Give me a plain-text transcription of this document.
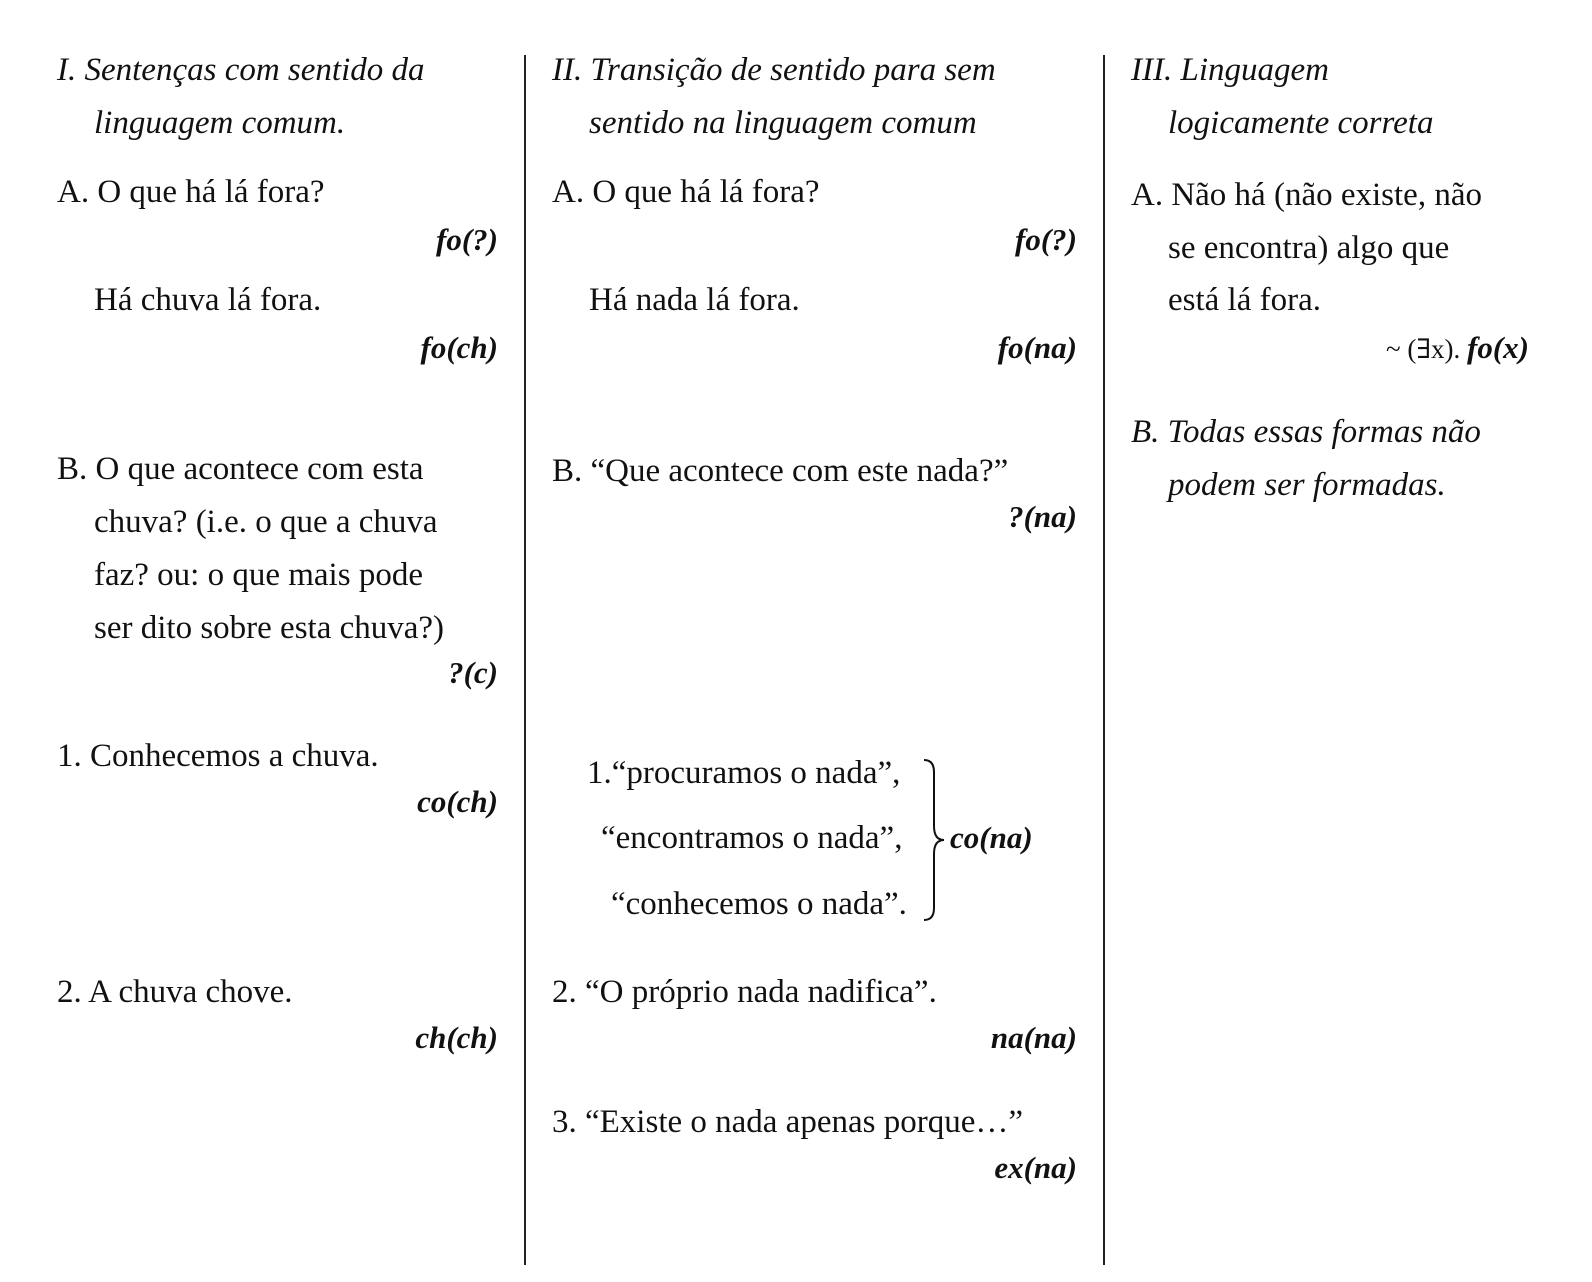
I. Sentenças com sentido da
linguagem comum.
A. O que há lá fora?
fo(?)
Há chuva lá fora.
fo(ch)
B. O que acontece com esta
chuva? (i.e. o que a chuva
faz? ou: o que mais pode
ser dito sobre esta chuva?)
?(c)
1. Conhecemos a chuva.
co(ch)
2. A chuva chove.
ch(ch)
II. Transição de sentido para sem
sentido na linguagem comum
A. O que há lá fora?
fo(?)
Há nada lá fora.
fo(na)
B. “Que acontece com este nada?”
?(na)
1.“procuramos o nada”,
“encontramos o nada”,
“conhecemos o nada”.
co(na)
2. “O próprio nada nadifica”.
na(na)
3. “Existe o nada apenas porque…”
ex(na)
III. Linguagem
logicamente correta
A. Não há (não existe, não
se encontra) algo que
está lá fora.
~ (∃x). fo(x)
B. Todas essas formas não
podem ser formadas.
